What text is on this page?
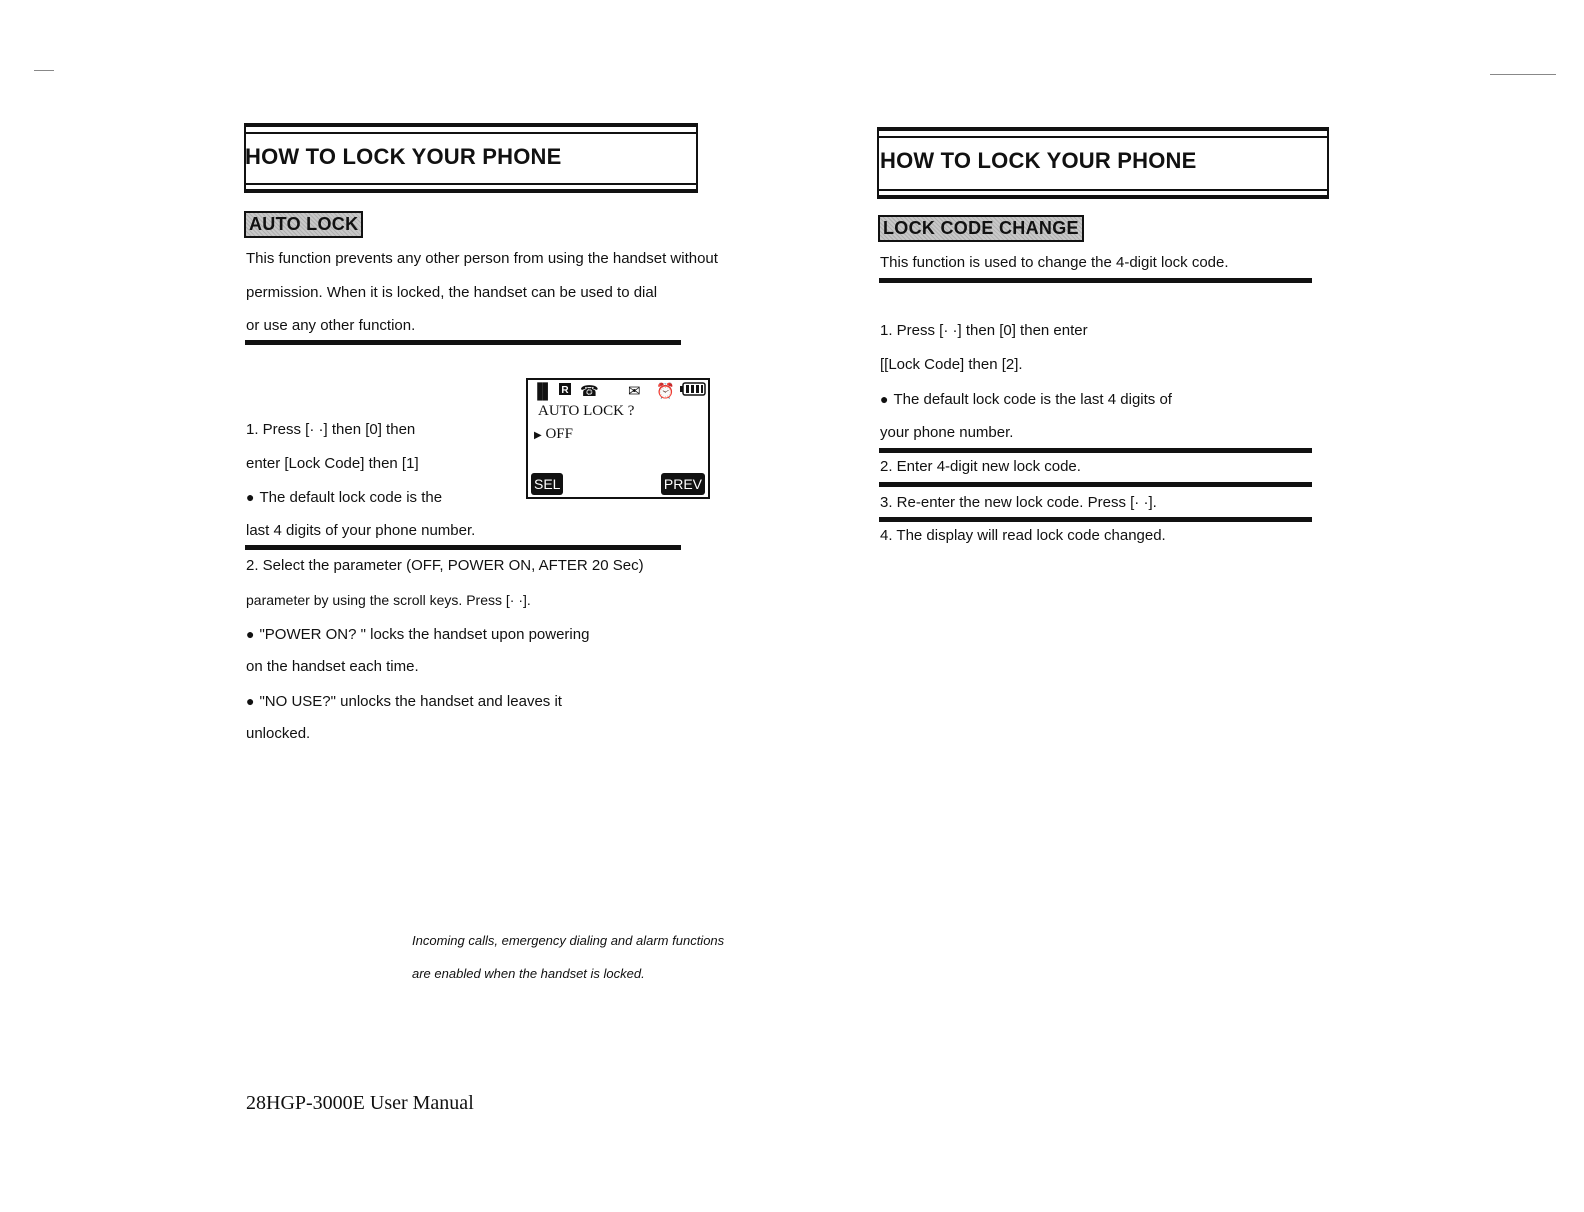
HOW TO LOCK YOUR PHONE
AUTO LOCK
This function prevents any other person from using the handset without
permission. When it is locked, the handset can be used to dial
or use any other function.
1. Press [· ·] then [0] then
enter [Lock Code] then [1]
● The default lock code is the
last 4 digits of your phone number.
▐▌ R ☎ ✉ ⏰
AUTO LOCK ?
▶ OFF
SEL	PREV
2. Select the parameter (OFF, POWER ON, AFTER 20 Sec)
parameter by using the scroll keys. Press [· ·].
● "POWER ON? " locks the handset upon powering
on the handset each time.
● "NO USE?" unlocks the handset and leaves it
unlocked.
Incoming calls, emergency dialing and alarm functions
are enabled when the handset is locked.
28HGP-3000E User Manual
HOW TO LOCK YOUR PHONE
LOCK CODE CHANGE
This function is used to change the 4-digit lock code.
1. Press [· ·] then [0] then enter
[[Lock Code] then [2].
● The default lock code is the last 4 digits of
your phone number.
2. Enter 4-digit new lock code.
3. Re-enter the new lock code. Press [· ·].
4. The display will read lock code changed.
